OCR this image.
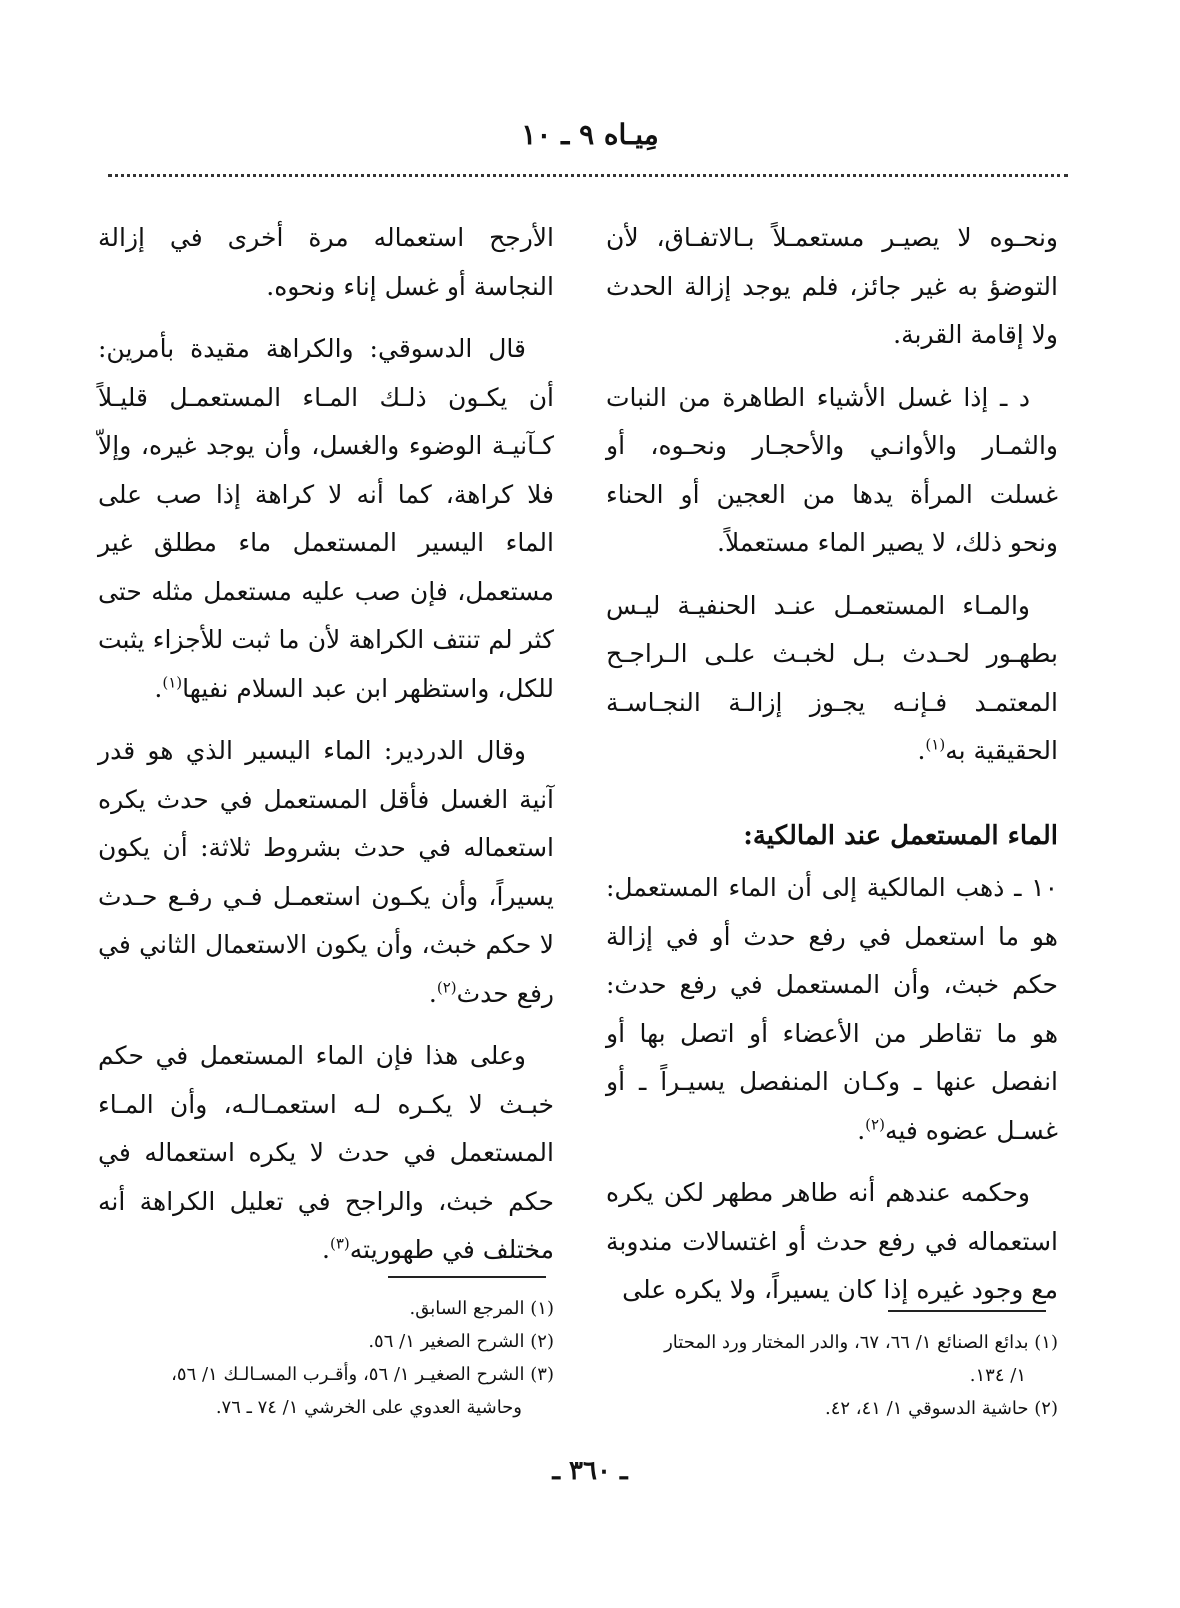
مِيـاه ٩ ـ ١٠

ونحـوه لا يصيـر مستعمـلاً بـالاتفـاق، لأن التوضؤ به غير جائز، فلم يوجد إزالة الحدث ولا إقامة القربة.

د ـ إذا غسل الأشياء الطاهرة من النبات والثمـار والأوانـي والأحجـار ونحـوه، أو غسلت المرأة يدها من العجين أو الحناء ونحو ذلك، لا يصير الماء مستعملاً.

والمـاء المستعمـل عنـد الحنفيـة ليـس بطهـور لحـدث بـل لخبـث علـى الـراجـح المعتمـد فـإنـه يجـوز إزالـة النجـاسـة الحقيقية به$^{(١)}$.

الماء المستعمل عند المالكية:

١٠ ـ ذهب المالكية إلى أن الماء المستعمل: هو ما استعمل في رفع حدث أو في إزالة حكم خبث، وأن المستعمل في رفع حدث: هو ما تقاطر من الأعضاء أو اتصل بها أو انفصل عنها ـ وكـان المنفصل يسيـراً ـ أو غسـل عضوه فيه$^{(٢)}$.

وحكمه عندهم أنه طاهر مطهر لكن يكره استعماله في رفع حدث أو اغتسالات مندوبة مع وجود غيره إذا كان يسيراً، ولا يكره على

الأرجح استعماله مرة أخرى في إزالة النجاسة أو غسل إناء ونحوه.

قال الدسوقي: والكراهة مقيدة بأمرين: أن يكـون ذلـك المـاء المستعمـل قليـلاً كـآنيـة الوضوء والغسل، وأن يوجد غيره، وإلاّ فلا كراهة، كما أنه لا كراهة إذا صب على الماء اليسير المستعمل ماء مطلق غير مستعمل، فإن صب عليه مستعمل مثله حتى كثر لم تنتف الكراهة لأن ما ثبت للأجزاء يثبت للكل، واستظهر ابن عبد السلام نفيها$^{(١)}$.

وقال الدردير: الماء اليسير الذي هو قدر آنية الغسل فأقل المستعمل في حدث يكره استعماله في حدث بشروط ثلاثة: أن يكون يسيراً، وأن يكـون استعمـل فـي رفـع حـدث لا حكم خبث، وأن يكون الاستعمال الثاني في رفع حدث$^{(٢)}$.

وعلى هذا فإن الماء المستعمل في حكم خبـث لا يكـره لـه استعمـالـه، وأن المـاء المستعمل في حدث لا يكره استعماله في حكم خبث، والراجح في تعليل الكراهة أنه مختلف في طهوريته$^{(٣)}$.

(١) بدائع الصنائع ١/ ٦٦، ٦٧، والدر المختار ورد المحتار

١/ ١٣٤.

(٢) حاشية الدسوقي ١/ ٤١، ٤٢.

(١) المرجع السابق.

(٢) الشرح الصغير ١/ ٥٦.

(٣) الشرح الصغيـر ١/ ٥٦، وأقـرب المسـالـك ١/ ٥٦،

وحاشية العدوي على الخرشي ١/ ٧٤ ـ ٧٦.

ـ ٣٦٠ ـ
